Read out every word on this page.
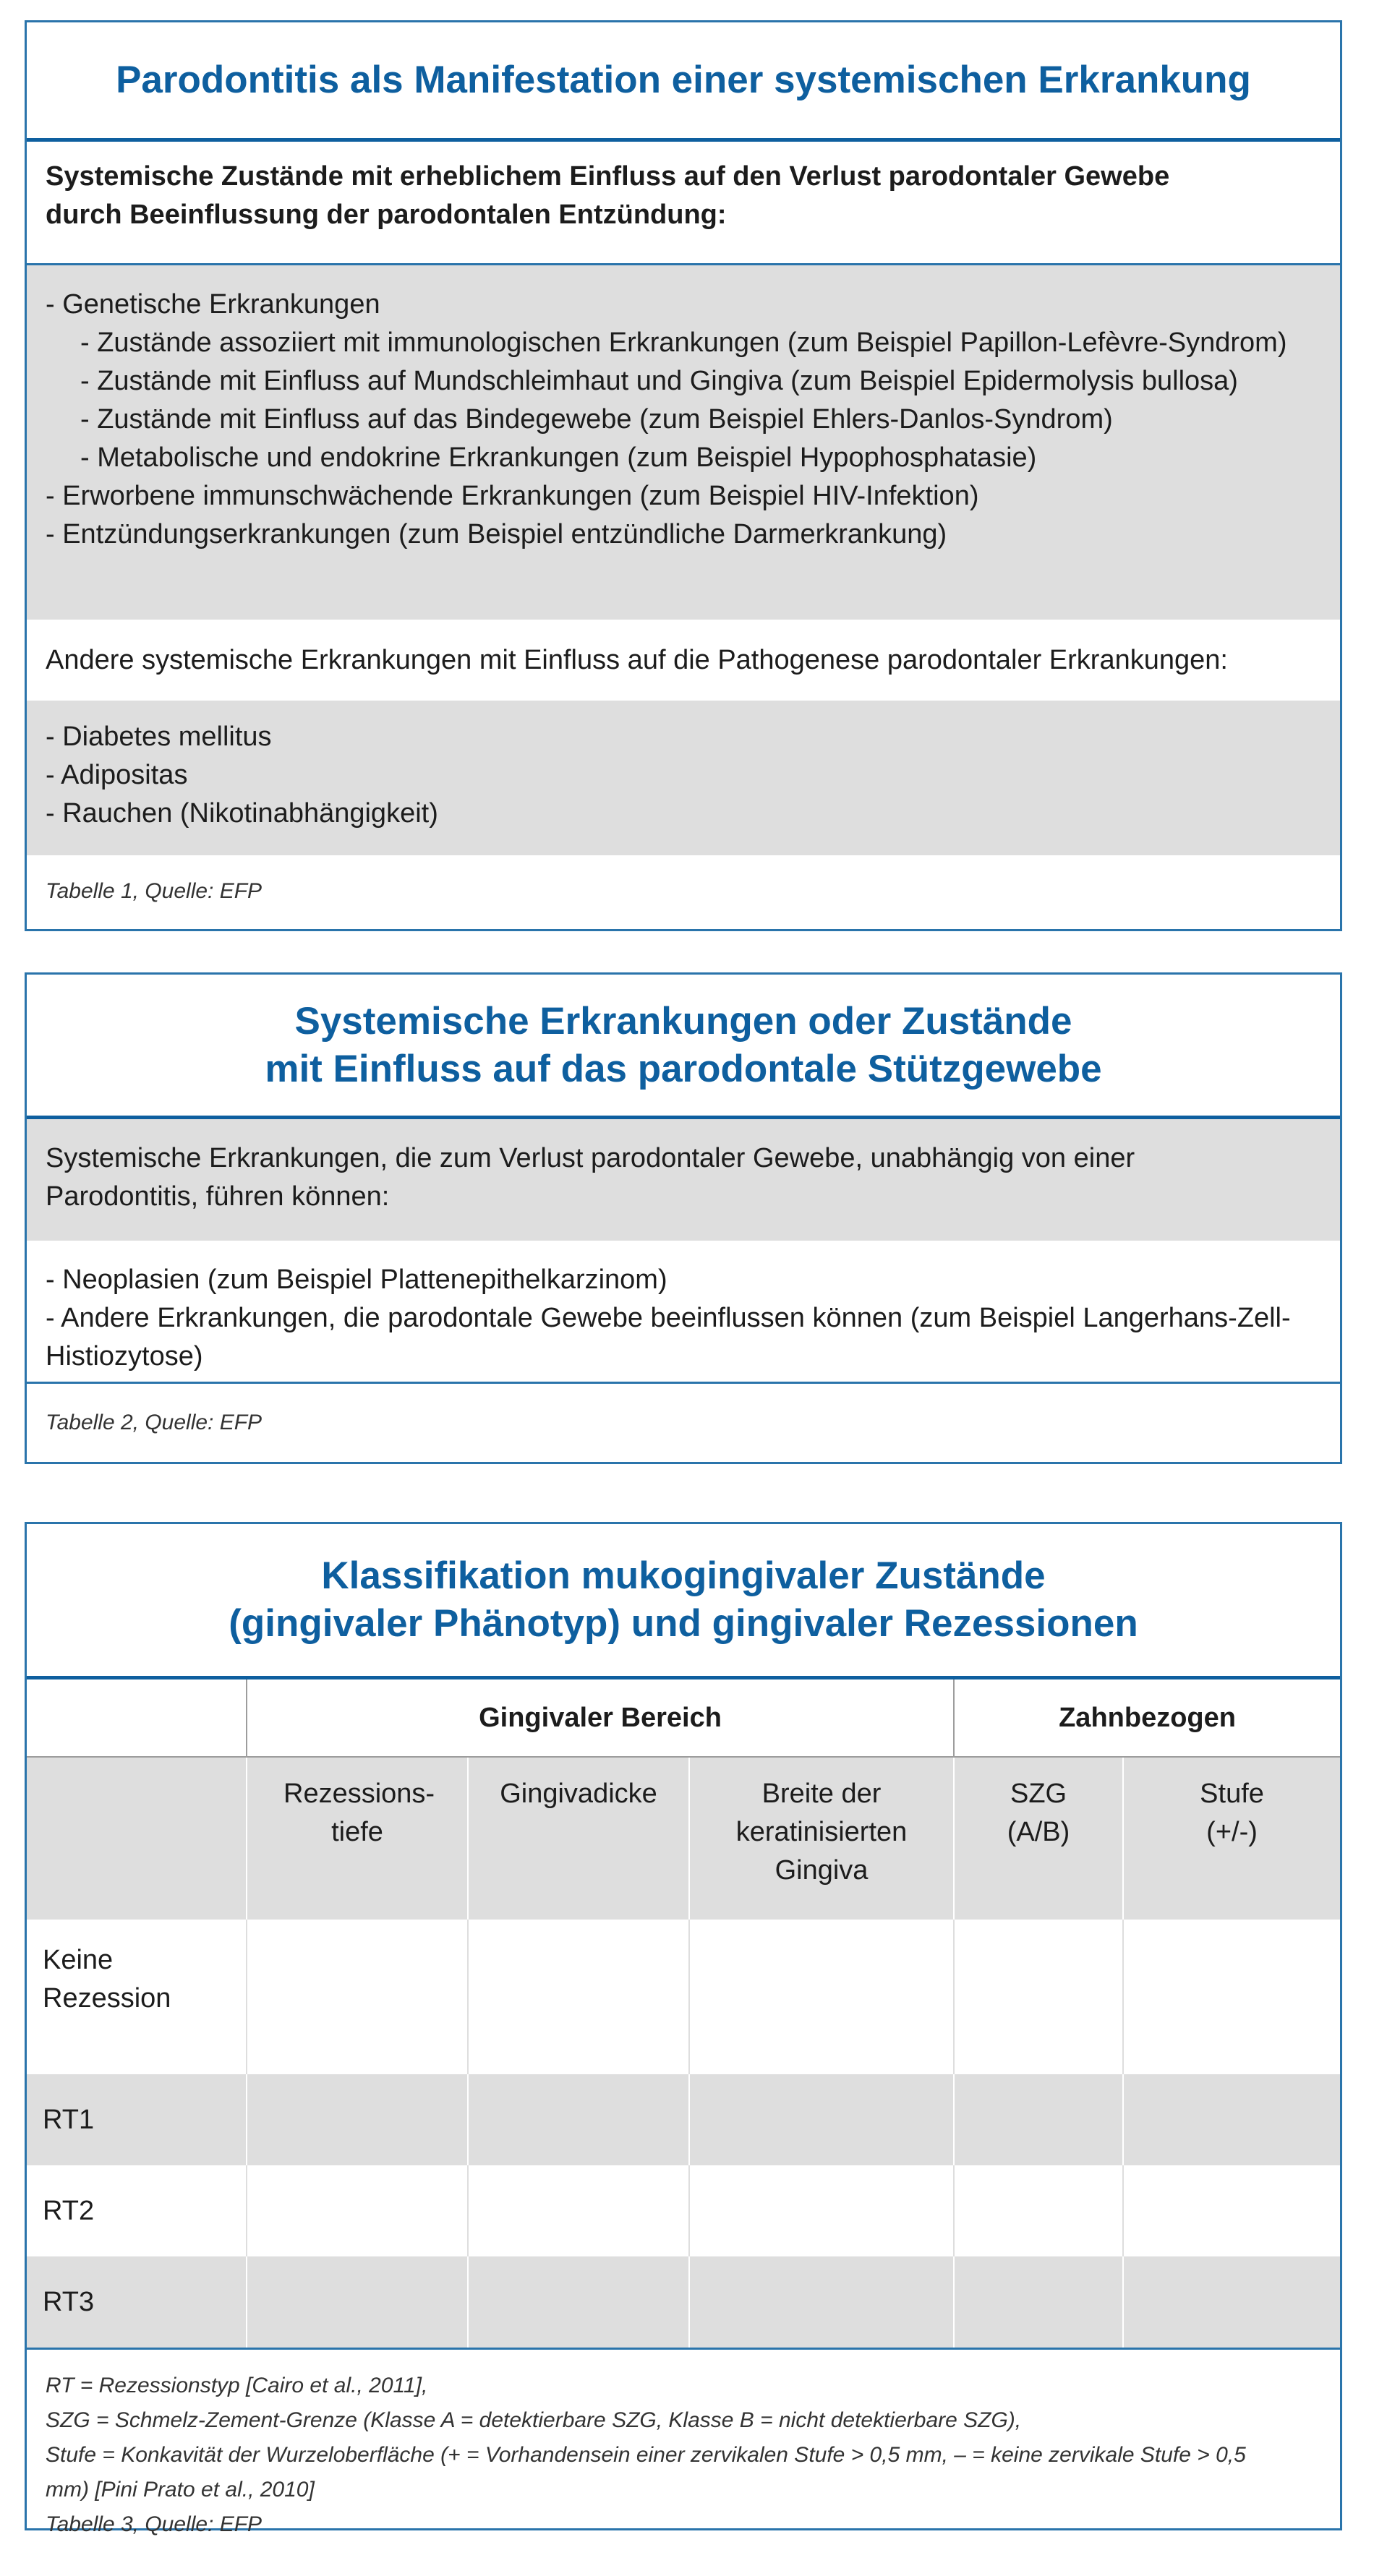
Parodontitis als Manifestation einer systemischen Erkrankung
Systemische Zustände mit erheblichem Einfluss auf den Verlust parodontaler Gewebe
durch Beeinflussung der parodontalen Entzündung:
- Genetische Erkrankungen
- Zustände assoziiert mit immunologischen Erkrankungen (zum Beispiel Papillon-Lefèvre-Syndrom)
- Zustände mit Einfluss auf Mundschleimhaut und Gingiva (zum Beispiel Epidermolysis bullosa)
- Zustände mit Einfluss auf das Bindegewebe (zum Beispiel Ehlers-Danlos-Syndrom)
- Metabolische und endokrine Erkrankungen (zum Beispiel Hypophosphatasie)
- Erworbene immunschwächende Erkrankungen (zum Beispiel HIV-Infektion)
- Entzündungserkrankungen (zum Beispiel entzündliche Darmerkrankung)
Andere systemische Erkrankungen mit Einfluss auf die Pathogenese parodontaler Erkrankungen:
- Diabetes mellitus
- Adipositas
- Rauchen (Nikotinabhängigkeit)
Tabelle 1, Quelle: EFP
Systemische Erkrankungen oder Zustände
mit Einfluss auf das parodontale Stützgewebe
Systemische Erkrankungen, die zum Verlust parodontaler Gewebe, unabhängig von einer Parodontitis, führen können:
- Neoplasien (zum Beispiel Plattenepithelkarzinom)
- Andere Erkrankungen, die parodontale Gewebe beeinflussen können (zum Beispiel Langerhans-Zell-Histiozytose)
Tabelle 2, Quelle: EFP
Klassifikation mukogingivaler Zustände
(gingivaler Phänotyp) und gingivaler Rezessionen
	Gingivaler Bereich			Zahnbezogen	
	Rezessions-tiefe	Gingivadicke	Breite der keratinisierten Gingiva	SZG (A/B)	Stufe (+/-)
Keine Rezession					
RT1					
RT2					
RT3					
RT = Rezessionstyp [Cairo et al., 2011],
SZG = Schmelz-Zement-Grenze (Klasse A = detektierbare SZG, Klasse B = nicht detektierbare SZG),
Stufe = Konkavität der Wurzeloberfläche (+ = Vorhandensein einer zervikalen Stufe > 0,5 mm, – = keine zervikale Stufe > 0,5 mm) [Pini Prato et al., 2010]
Tabelle 3, Quelle: EFP
